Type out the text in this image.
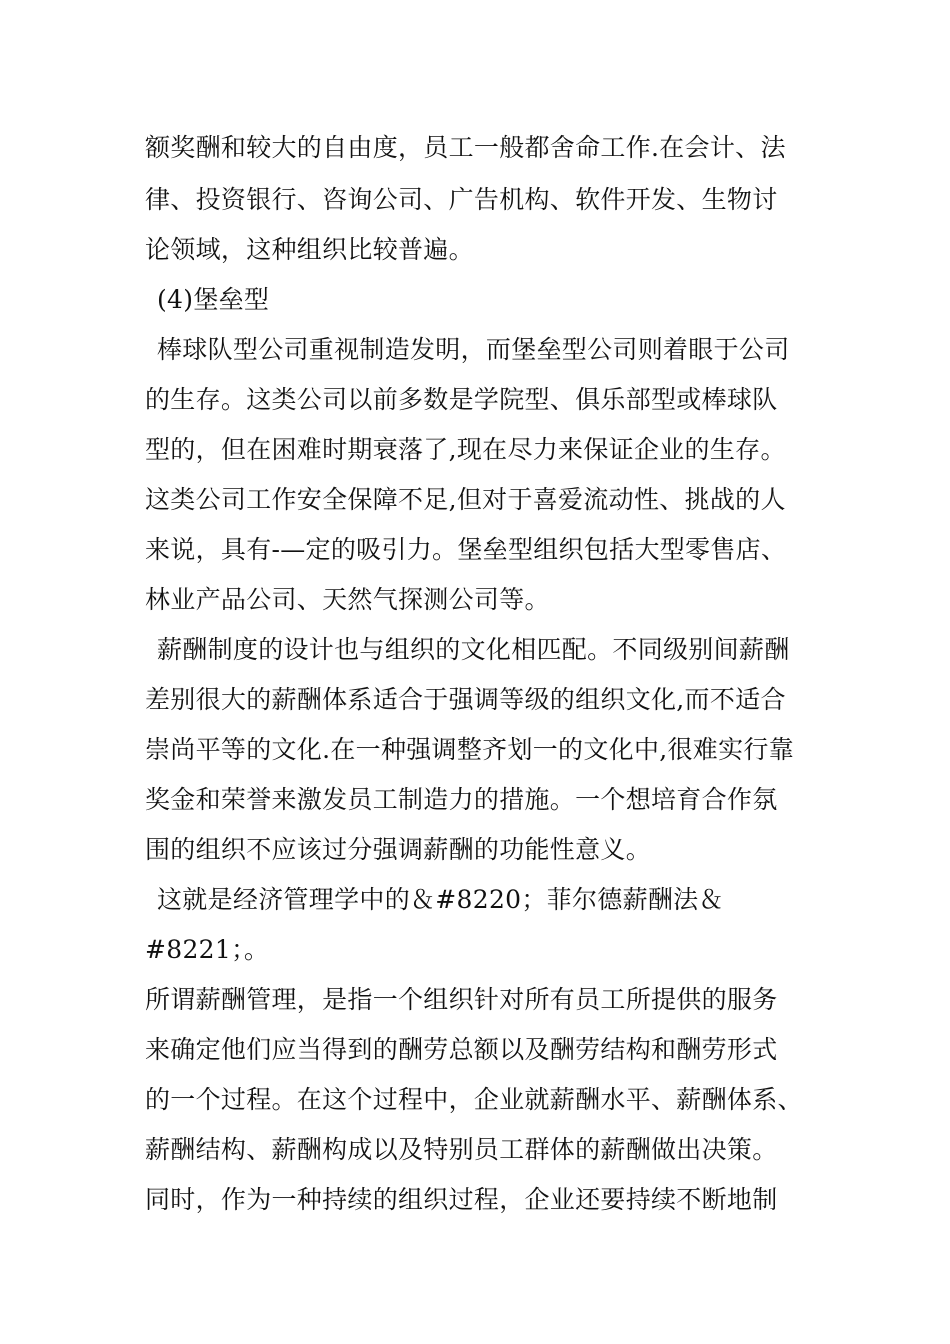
额奖酬和较大的自由度，员工一般都舍命工作.在会计、法
律、投资银行、咨询公司、广告机构、软件开发、生物讨
论领域，这种组织比较普遍。
(4)堡垒型
棒球队型公司重视制造发明，而堡垒型公司则着眼于公司
的生存。这类公司以前多数是学院型、俱乐部型或棒球队
型的，但在困难时期衰落了,现在尽力来保证企业的生存。
这类公司工作安全保障不足,但对于喜爱流动性、挑战的人
来说，具有-—定的吸引力。堡垒型组织包括大型零售店、
林业产品公司、天然气探测公司等。
薪酬制度的设计也与组织的文化相匹配。不同级别间薪酬
差别很大的薪酬体系适合于强调等级的组织文化,而不适合
崇尚平等的文化.在一种强调整齐划一的文化中,很难实行靠
奖金和荣誉来激发员工制造力的措施。一个想培育合作氛
围的组织不应该过分强调薪酬的功能性意义。
这就是经济管理学中的＆#8220；菲尔德薪酬法＆
#8221；。
所谓薪酬管理，是指一个组织针对所有员工所提供的服务
来确定他们应当得到的酬劳总额以及酬劳结构和酬劳形式
的一个过程。在这个过程中，企业就薪酬水平、薪酬体系、
薪酬结构、薪酬构成以及特别员工群体的薪酬做出决策。
同时，作为一种持续的组织过程，企业还要持续不断地制
